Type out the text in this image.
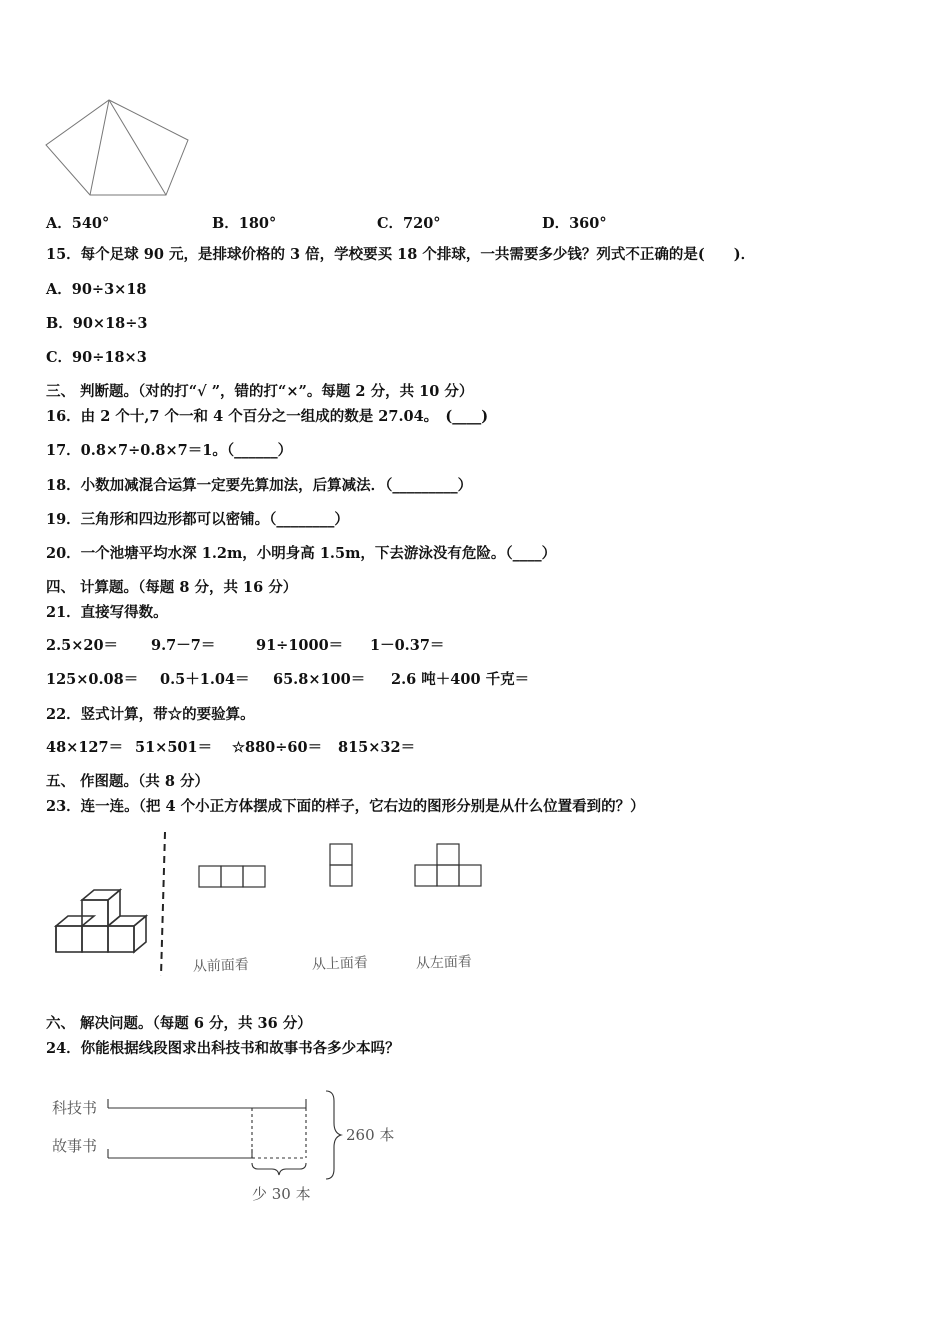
A．540°	B．180°	C．720°	D．360°
15．每个足球 90 元，是排球价格的 3 倍，学校要买 18 个排球，一共需要多少钱？列式不正确的是(　　)．
A．90÷3×18
B．90×18÷3
C．90÷18×3
三、 判断题。（对的打“√ ”，错的打“×”。每题 2 分，共 10 分）
16．由 2 个十,7 个一和 4 个百分之一组成的数是 27.04。　(____)
17．0.8×7÷0.8×7＝1。（______）
18．小数加减混合运算一定要先算加法，后算减法．（_________）
19．三角形和四边形都可以密铺。（________）
20．一个池塘平均水深 1.2m，小明身高 1.5m，下去游泳没有危险。（____）
四、 计算题。（每题 8 分，共 16 分）
21．直接写得数。
2.5×20＝ 9.7－7＝	91÷1000＝ 1－0.37＝
125×0.08＝ 0.5＋1.04＝ 65.8×100＝ 2.6 吨＋400 千克＝
22．竖式计算，带☆的要验算。
48×127＝ 51×501＝ ☆880÷60＝ 815×32＝
五、 作图题。（共 8 分）
23．连一连。（把 4 个小正方体摆成下面的样子，它右边的图形分别是从什么位置看到的？）
从前面看	从上面看	从左面看
六、 解决问题。（每题 6 分，共 36 分）
24．你能根据线段图求出科技书和故事书各多少本吗？
科技书
故事书
260 本
少 30 本
